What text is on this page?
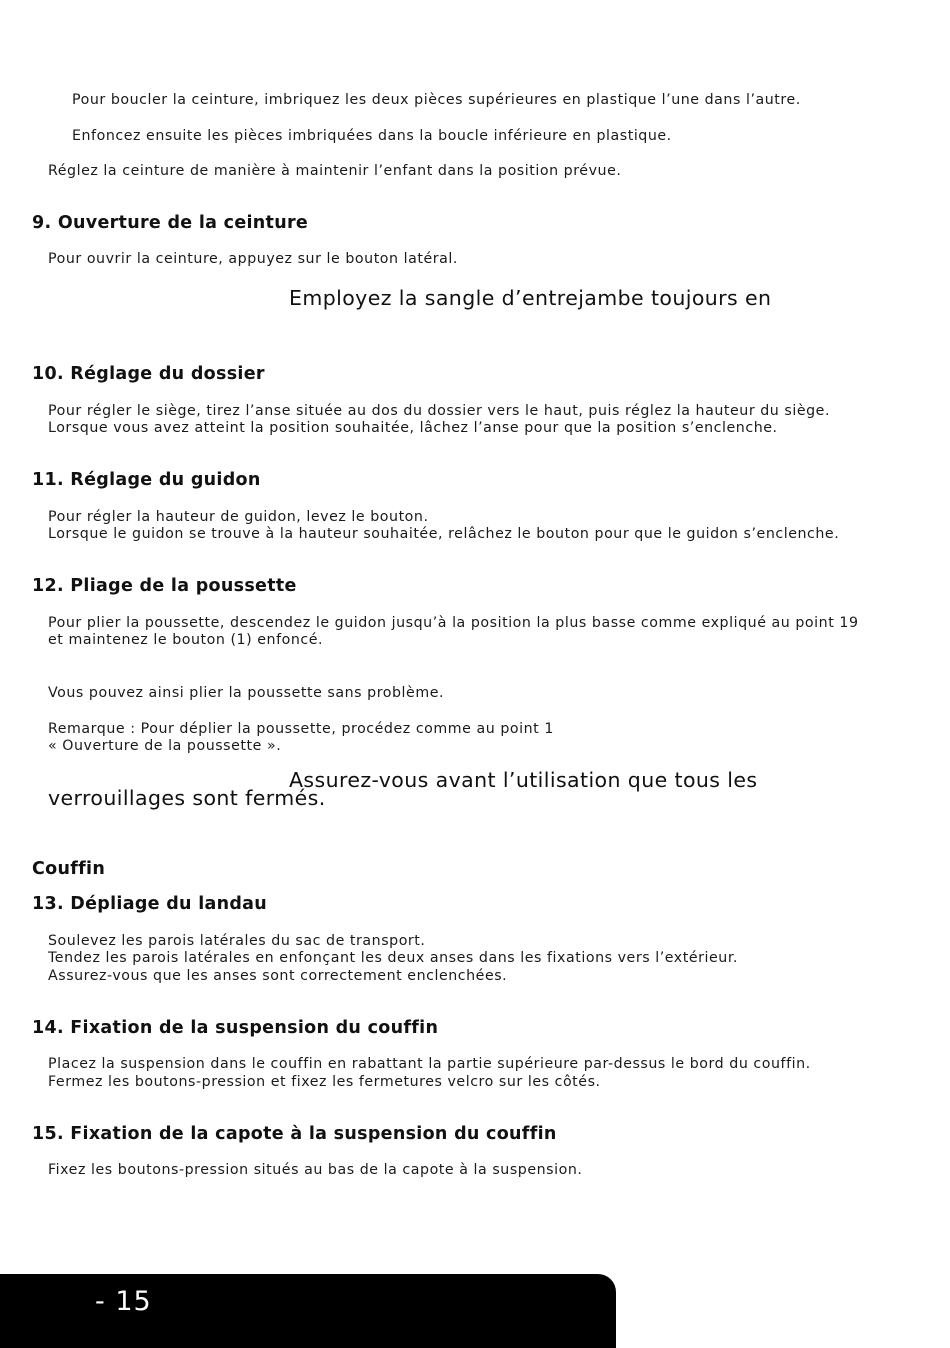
Pour boucler la ceinture, imbriquez les deux pièces supérieures en plastique l’une dans l’autre.

Enfoncez ensuite les pièces imbriquées dans la boucle inférieure en plastique.

Réglez la ceinture de manière à maintenir l’enfant dans la position prévue.

9. Ouverture de la ceinture

Pour ouvrir la ceinture, appuyez sur le bouton latéral.

Employez la sangle d’entrejambe toujours en

10. Réglage du dossier

Pour régler le siège, tirez l’anse située au dos du dossier vers le haut, puis réglez la hauteur du siège.

Lorsque vous avez atteint la position souhaitée, lâchez l’anse pour que la position s’enclenche.

11. Réglage du guidon

Pour régler la hauteur de guidon, levez le bouton.

Lorsque le guidon se trouve à la hauteur souhaitée, relâchez le bouton pour que le guidon s’enclenche.

12. Pliage de la poussette

Pour plier la poussette, descendez le guidon jusqu’à la position la plus basse comme expliqué au point 19

et maintenez le bouton (1) enfoncé.

Vous pouvez ainsi plier la poussette sans problème.

Remarque : Pour déplier la poussette, procédez comme au point 1

« Ouverture de la poussette ».

Assurez-vous avant l’utilisation que tous les

verrouillages sont fermés.

Couffin
13. Dépliage du landau

Soulevez les parois latérales du sac de transport.

Tendez les parois latérales en enfonçant les deux anses dans les fixations vers l’extérieur.

Assurez-vous que les anses sont correctement enclenchées.

14. Fixation de la suspension du couffin

Placez la suspension dans le couffin en rabattant la partie supérieure par-dessus le bord du couffin.

Fermez les boutons-pression et fixez les fermetures velcro sur les côtés.

15. Fixation de la capote à la suspension du couffin

Fixez les boutons-pression situés au bas de la capote à la suspension.

- 15
